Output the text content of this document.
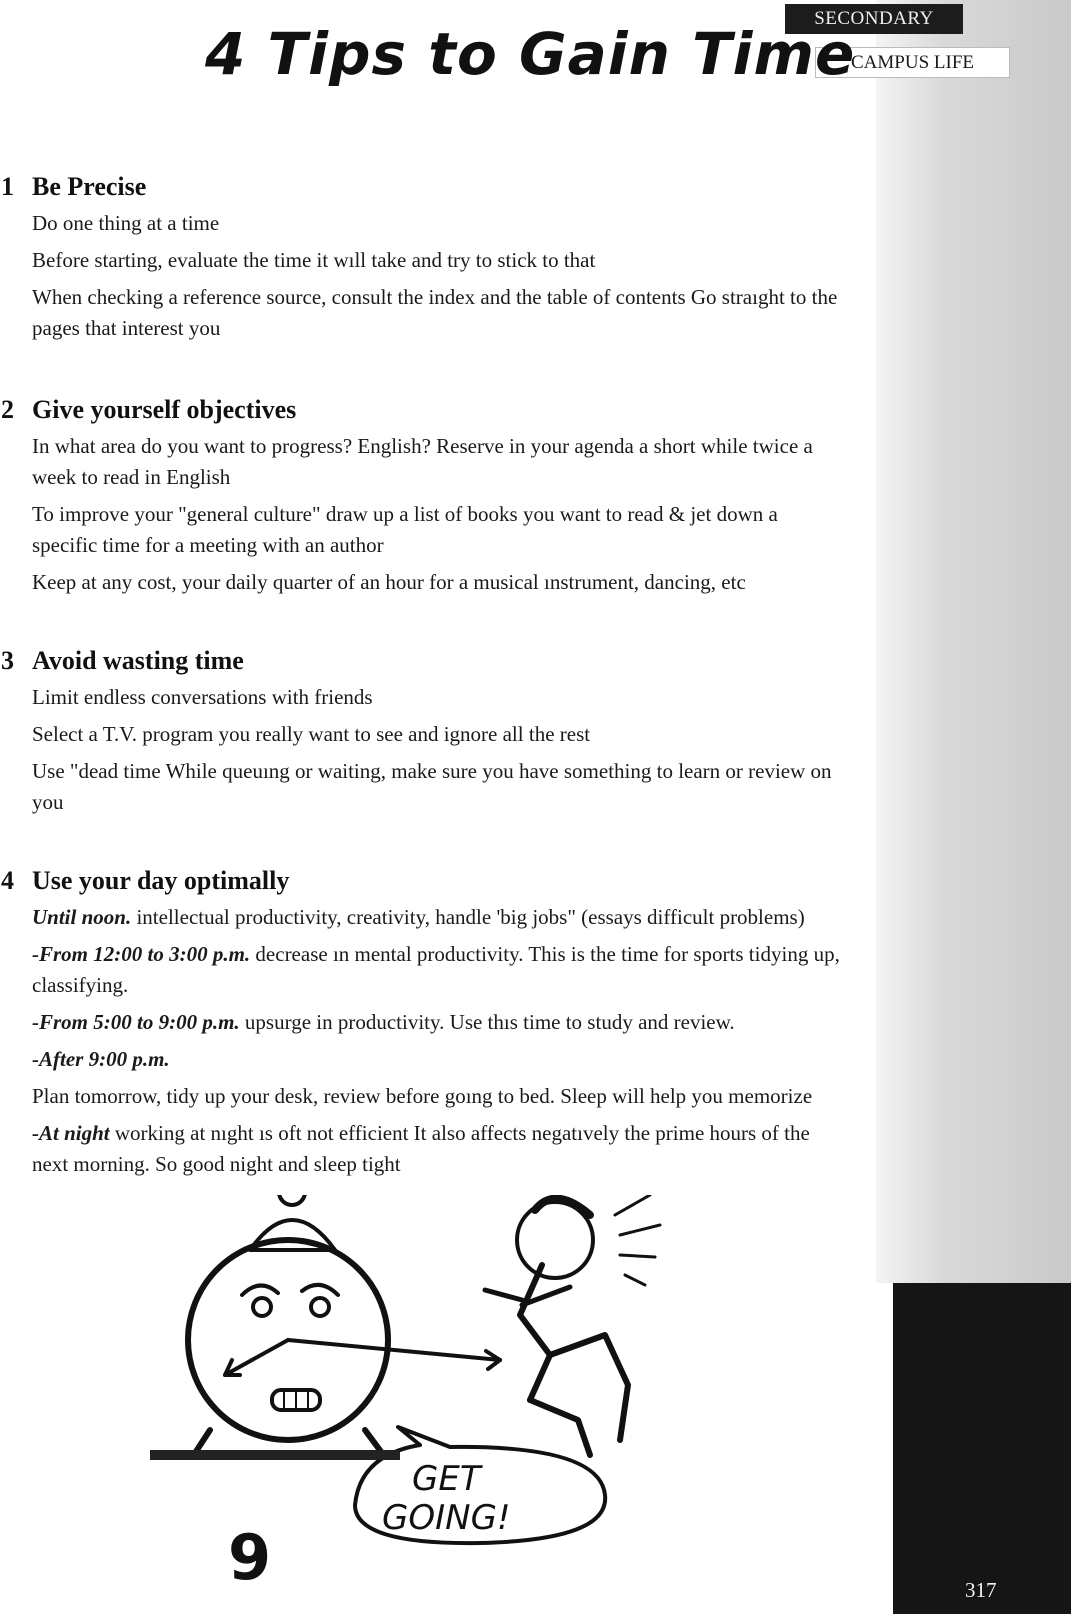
317
SECONDARY
CAMPUS LIFE
4 Tips to Gain Time
1 Be Precise
Do one thing at a time
Before starting, evaluate the time it wıll take and try to stick to that
When checking a reference source, consult the index and the table of contents Go straıght to the pages that interest you
2 Give yourself objectives
In what area do you want to progress? English? Reserve in your agenda a short while twice a week to read in English
To improve your "general culture" draw up a list of books you want to read & jet down a specific time for a meeting with an author
Keep at any cost, your daily quarter of an hour for a musical ınstrument, dancing, etc
3 Avoid wasting time
Limit endless conversations with friends
Select a T.V. program you really want to see and ignore all the rest
Use "dead time While queuıng or waiting, make sure you have something to learn or review on you
4 Use your day optimally
Until noon. intellectual productivity, creativity, handle 'big jobs" (essays difficult problems)
-From 12:00 to 3:00 p.m. decrease ın mental productivity. This is the time for sports tidying up, classifying.
-From 5:00 to 9:00 p.m. upsurge in productivity. Use thıs time to study and review.
-After 9:00 p.m.
Plan tomorrow, tidy up your desk, review before goıng to bed. Sleep will help you memorize
-At night working at nıght ıs oft not efficient It also affects negatıvely the prime hours of the next morning. So good night and sleep tight
GET
GOING!
9
